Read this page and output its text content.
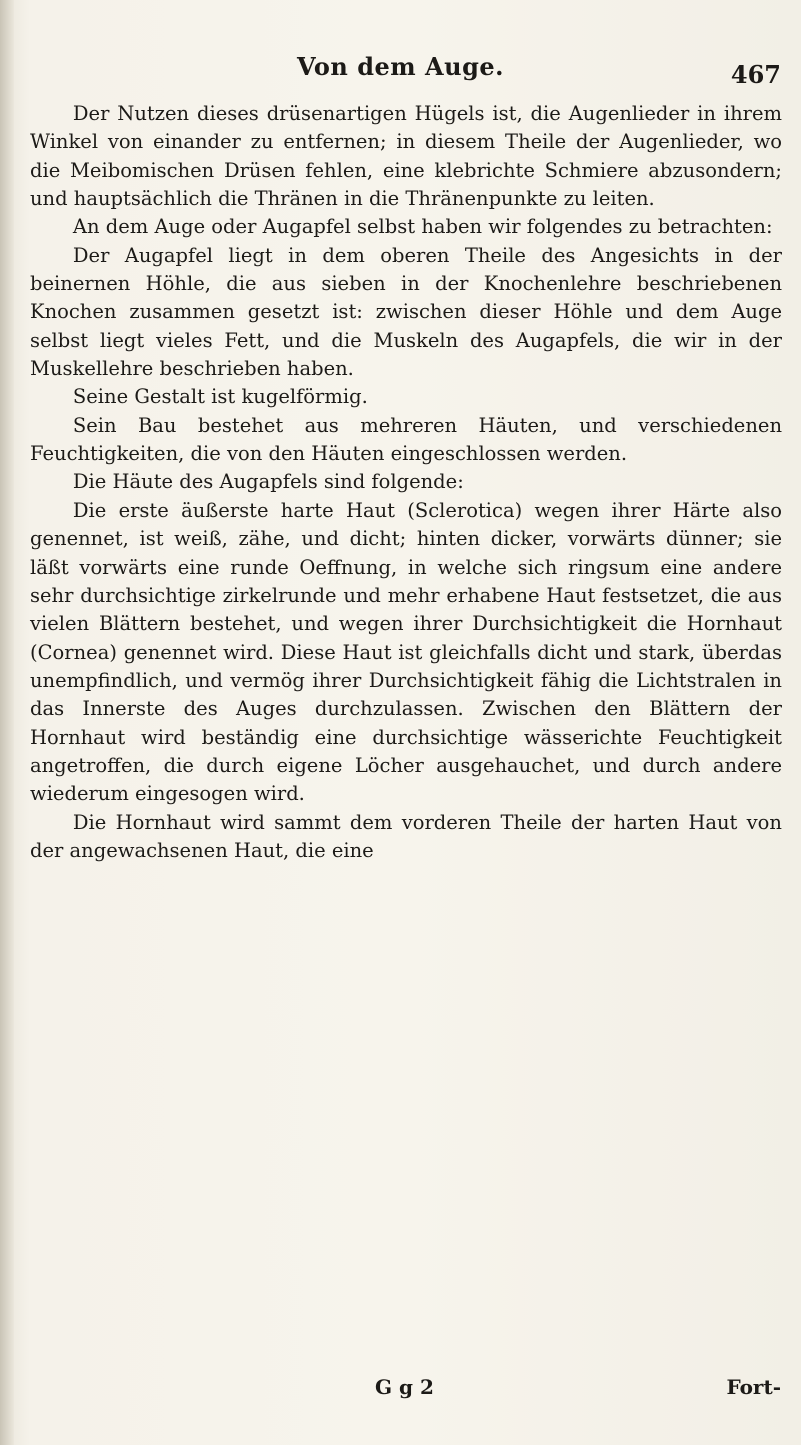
Von dem Auge.	467

Der Nutzen dieses drüsenartigen Hügels ist, die Augenlieder in ihrem Winkel von einander zu entfernen; in diesem Theile der Augenlieder, wo die Meibomischen Drüsen fehlen, eine klebrichte Schmiere abzusondern; und hauptsächlich die Thränen in die Thränenpunkte zu leiten.

An dem Auge oder Augapfel selbst haben wir folgendes zu betrachten:

Der Augapfel liegt in dem oberen Theile des Angesichts in der beinernen Höhle, die aus sieben in der Knochenlehre beschriebenen Knochen zusammen gesetzt ist: zwischen dieser Höhle und dem Auge selbst liegt vieles Fett, und die Muskeln des Augapfels, die wir in der Muskellehre beschrieben haben.

Seine Gestalt ist kugelförmig.

Sein Bau bestehet aus mehreren Häuten, und verschiedenen Feuchtigkeiten, die von den Häuten eingeschlossen werden.

Die Häute des Augapfels sind folgende:

Die erste äußerste harte Haut (Sclerotica) wegen ihrer Härte also genennet, ist weiß, zähe, und dicht; hinten dicker, vorwärts dünner; sie läßt vorwärts eine runde Oeffnung, in welche sich ringsum eine andere sehr durchsichtige zirkelrunde und mehr erhabene Haut festsetzet, die aus vielen Blättern bestehet, und wegen ihrer Durchsichtigkeit die Hornhaut (Cornea) genennet wird. Diese Haut ist gleichfalls dicht und stark, überdas unempfindlich, und vermög ihrer Durchsichtigkeit fähig die Lichtstralen in das Innerste des Auges durchzulassen. Zwischen den Blättern der Hornhaut wird beständig eine durchsichtige wässerichte Feuchtigkeit angetroffen, die durch eigene Löcher ausgehauchet, und durch andere wiederum eingesogen wird.

Die Hornhaut wird sammt dem vorderen Theile der harten Haut von der angewachsenen Haut, die eine

G g 2	Fort-
